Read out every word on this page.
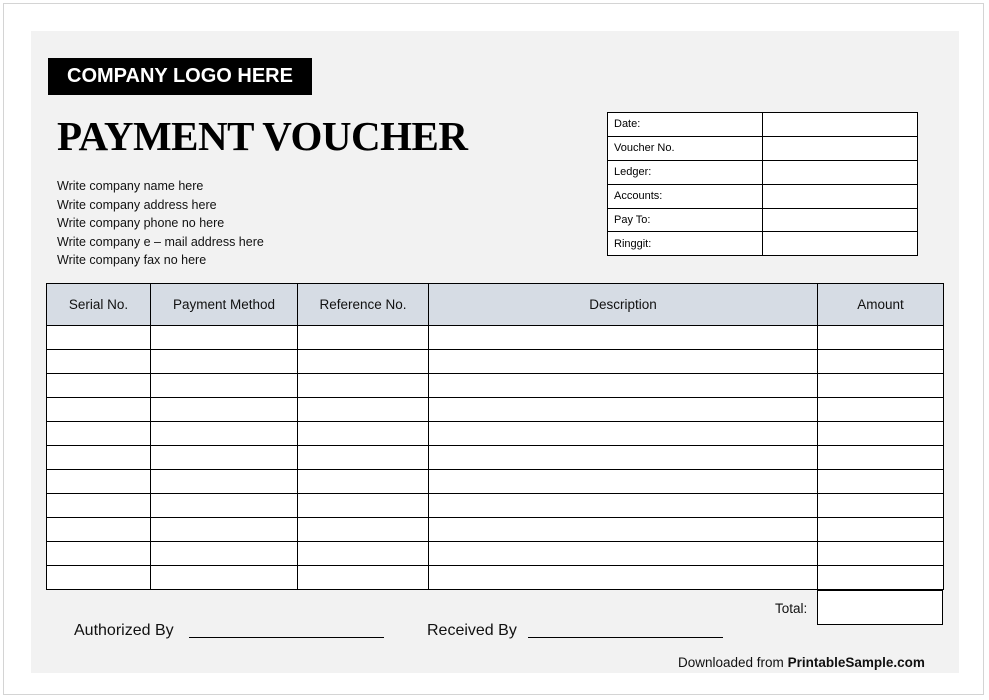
COMPANY LOGO HERE
PAYMENT VOUCHER
Write company name here
Write company address here
Write company phone no here
Write company e – mail address here
Write company fax no here
Date:	
Voucher No.	
Ledger:	
Accounts:	
Pay To:	
Ringgit:	
Serial No.	Payment Method	Reference No.	Description	Amount

Total:
Authorized By	Received By
Downloaded from PrintableSample.com
